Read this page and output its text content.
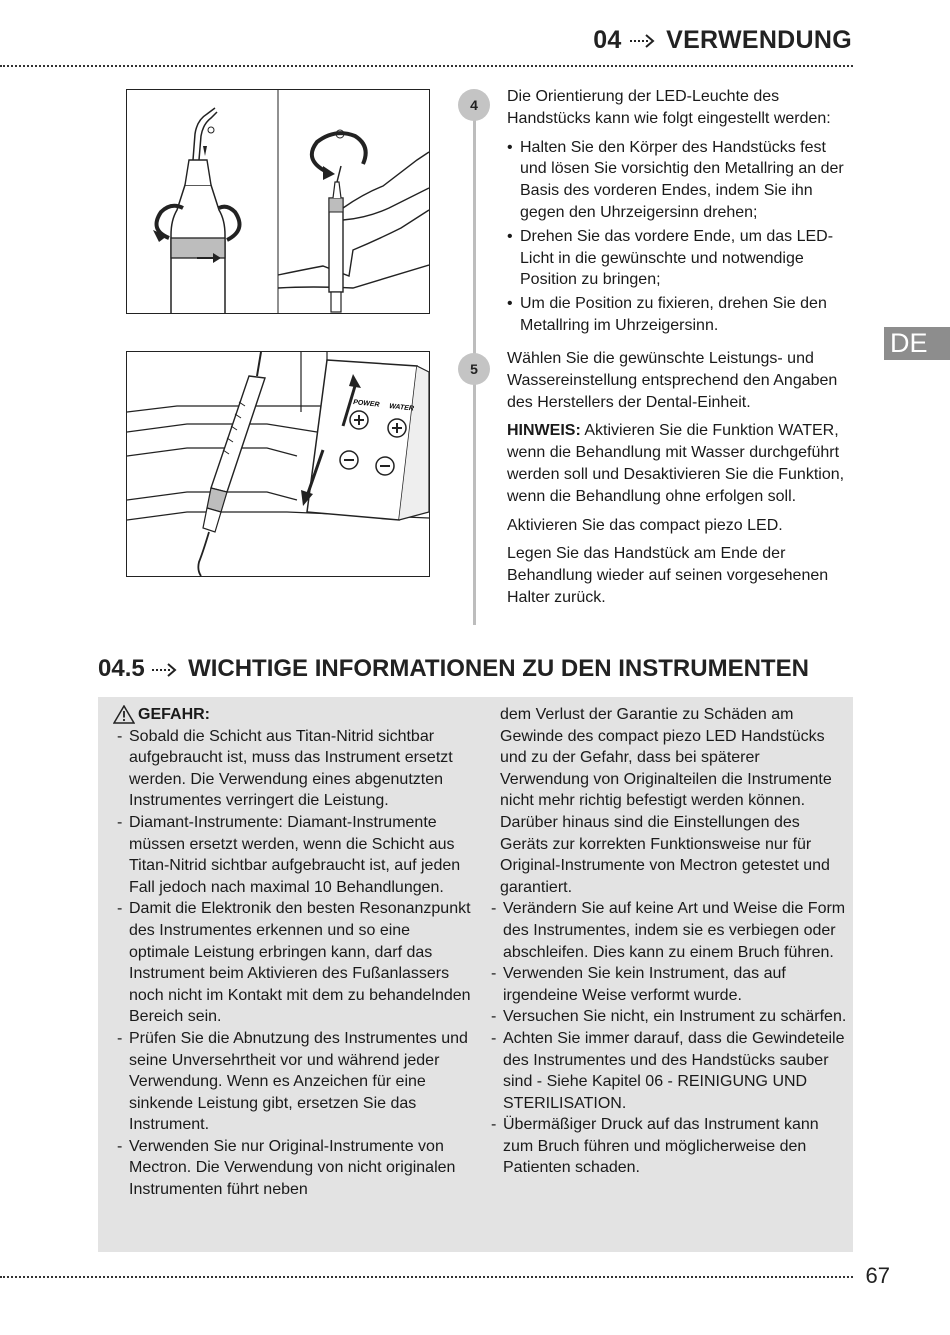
04 VERWENDUNG
DE
POWER WATER
4	Die Orientierung der LED-Leuchte des Handstücks kann wie folgt eingestellt werden:

• Halten Sie den Körper des Handstücks fest und lösen Sie vorsichtig den Metallring an der Basis des vorderen Endes, indem Sie ihn gegen den Uhrzeigersinn drehen;
• Drehen Sie das vordere Ende, um das LED-Licht in die gewünschte und notwendige Position zu bringen;
• Um die Position zu fixieren, drehen Sie den Metallring im Uhrzeigersinn.
5

Wählen Sie die gewünschte Leistungs- und Wassereinstellung entsprechend den Angaben des Herstellers der Dental-Einheit.

HINWEIS: Aktivieren Sie die Funktion WATER, wenn die Behandlung mit Wasser durchgeführt werden soll und Desaktivieren Sie die Funktion, wenn die Behandlung ohne erfolgen soll.

Aktivieren Sie das compact piezo LED.

Legen Sie das Handstück am Ende der Behandlung wieder auf seinen vorgesehenen Halter zurück.

04.5 WICHTIGE INFORMATIONEN ZU DEN INSTRUMENTEN
GEFAHR:
- Sobald die Schicht aus Titan-Nitrid sichtbar aufgebraucht ist, muss das Instrument ersetzt werden. Die Verwendung eines abgenutzten Instrumentes verringert die Leistung.
- Diamant-Instrumente: Diamant-Instrumente müssen ersetzt werden, wenn die Schicht aus Titan-Nitrid sichtbar aufgebraucht ist, auf jeden Fall jedoch nach maximal 10 Behandlungen.
- Damit die Elektronik den besten Resonanzpunkt des Instrumentes erkennen und so eine optimale Leistung erbringen kann, darf das Instrument beim Aktivieren des Fußanlassers noch nicht im Kontakt mit dem zu behandelnden Bereich sein.
- Prüfen Sie die Abnutzung des Instrumentes und seine Unversehrtheit vor und während jeder Verwendung. Wenn es Anzeichen für eine sinkende Leistung gibt, ersetzen Sie das Instrument.
- Verwenden Sie nur Original-Instrumente von Mectron. Die Verwendung von nicht originalen Instrumenten führt neben
dem Verlust der Garantie zu Schäden am Gewinde des compact piezo LED Handstücks und zu der Gefahr, dass bei späterer Verwendung von Originalteilen die Instrumente nicht mehr richtig befestigt werden können. Darüber hinaus sind die Einstellungen des Geräts zur korrekten Funktionsweise nur für Original-Instrumente von Mectron getestet und garantiert.
- Verändern Sie auf keine Art und Weise die Form des Instrumentes, indem sie es verbiegen oder abschleifen. Dies kann zu einem Bruch führen.
- Verwenden Sie kein Instrument, das auf irgendeine Weise verformt wurde.
- Versuchen Sie nicht, ein Instrument zu schärfen.
- Achten Sie immer darauf, dass die Gewindeteile des Instrumentes und des Handstücks sauber sind - Siehe Kapitel 06 - REINIGUNG UND STERILISATION.
- Übermäßiger Druck auf das Instrument kann zum Bruch führen und möglicherweise den Patienten schaden.
67
